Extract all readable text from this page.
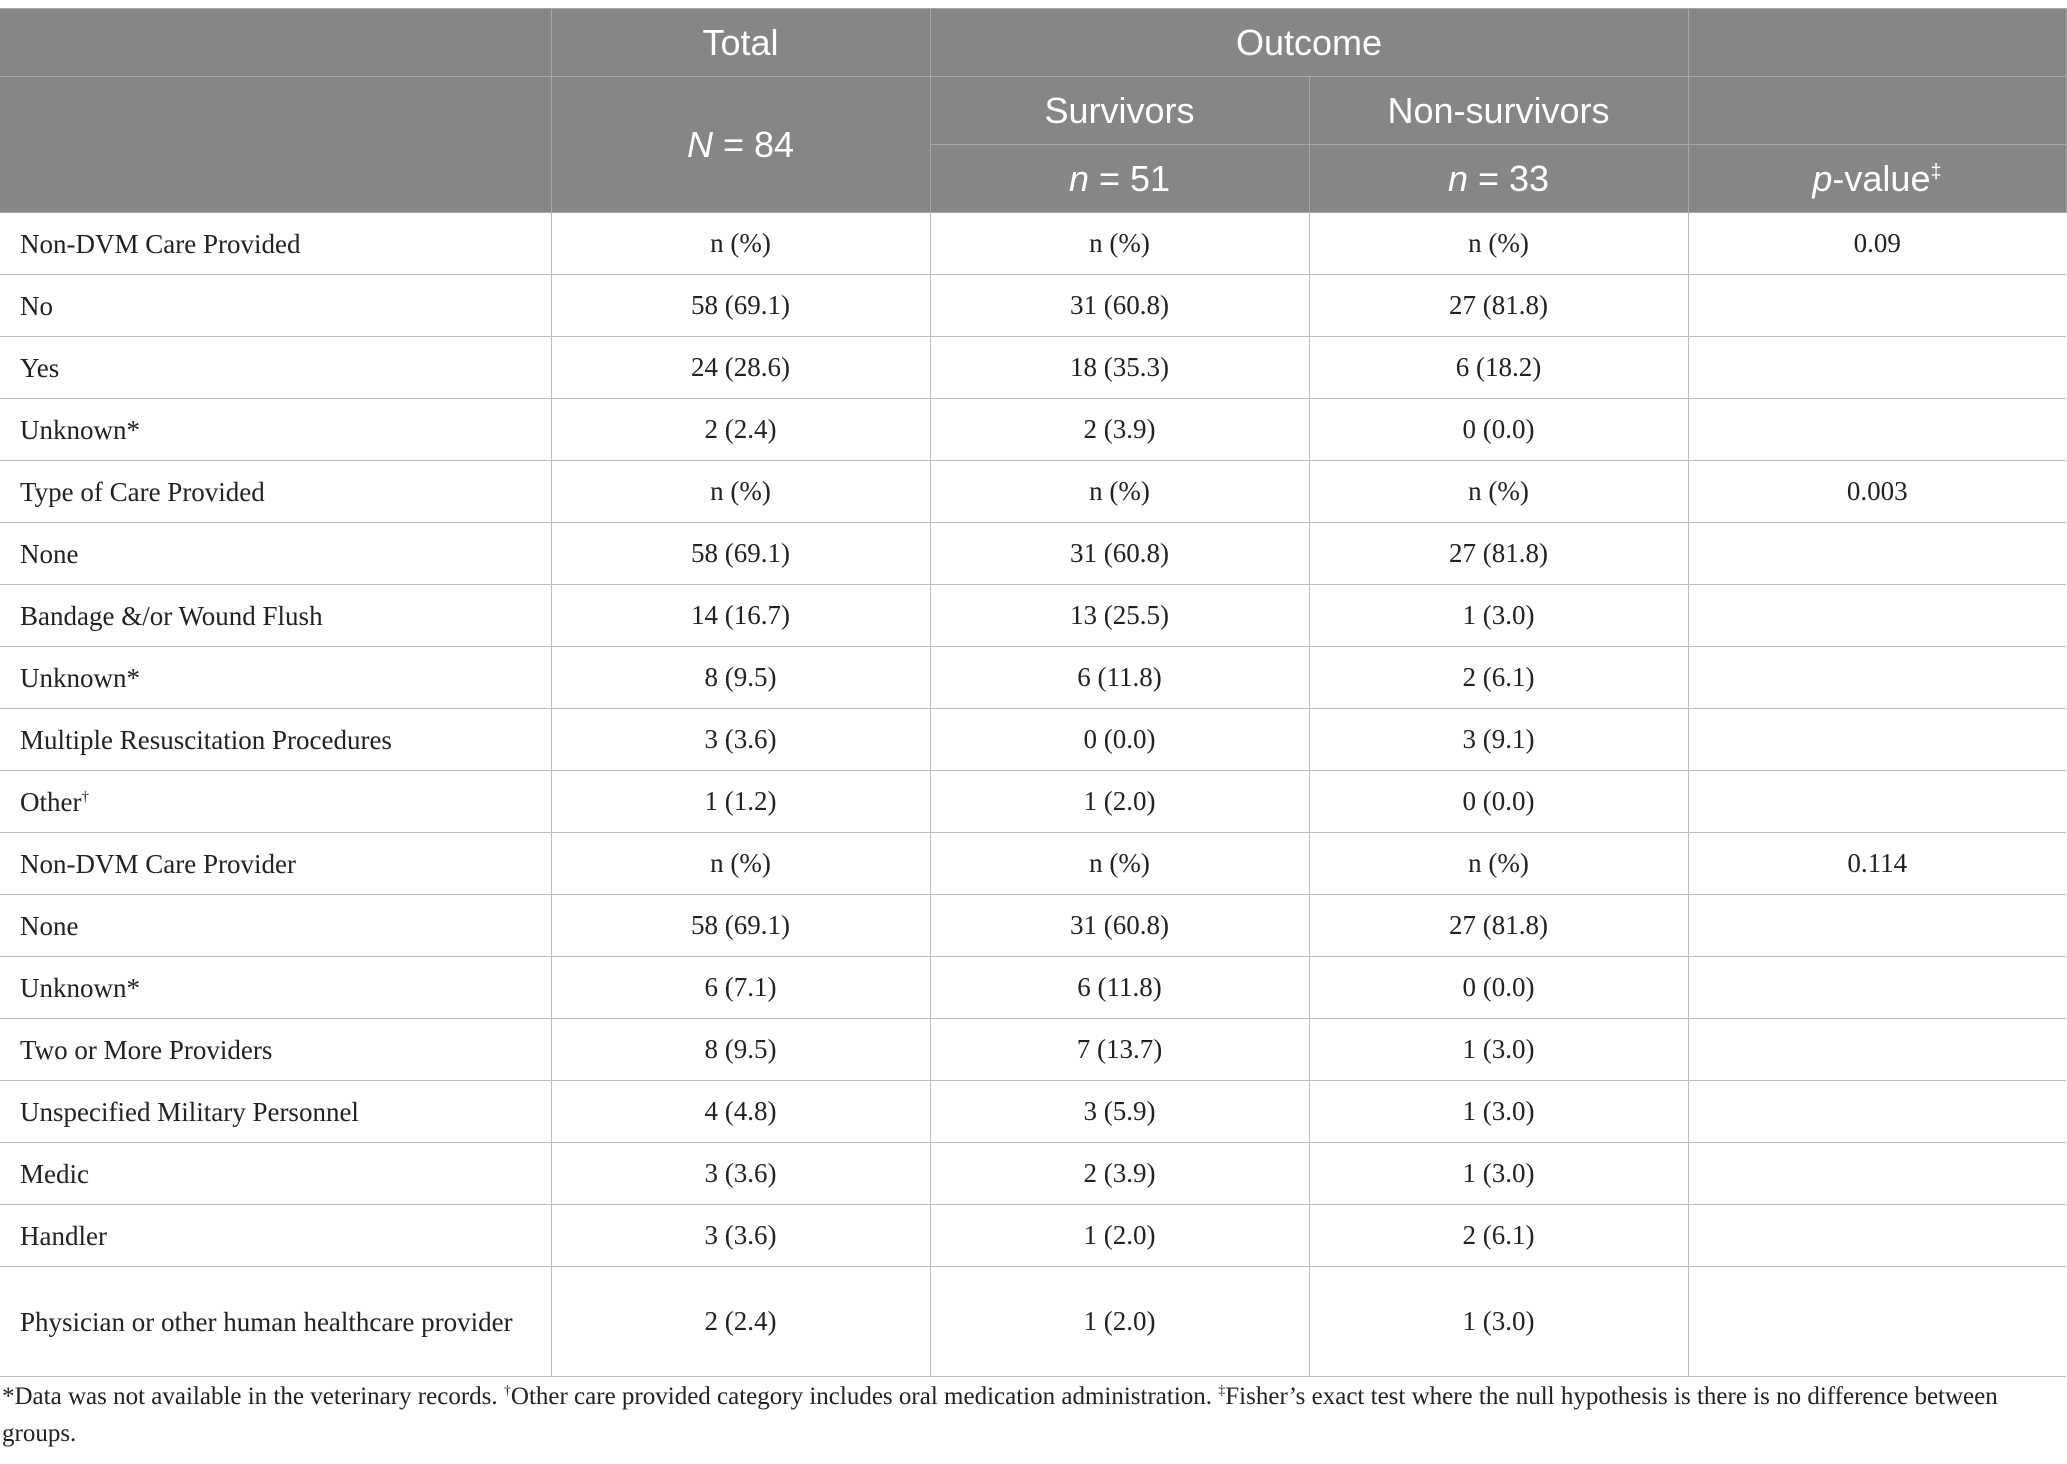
	Total	Outcome		
	N = 84	Survivors	Non-survivors	
		n = 51	n = 33	p-value‡
Non-DVM Care Provided	n (%)	n (%)	n (%)	0.09
No	58 (69.1)	31 (60.8)	27 (81.8)	
Yes	24 (28.6)	18 (35.3)	6 (18.2)	
Unknown*	2 (2.4)	2 (3.9)	0 (0.0)	
Type of Care Provided	n (%)	n (%)	n (%)	0.003
None	58 (69.1)	31 (60.8)	27 (81.8)	
Bandage &/or Wound Flush	14 (16.7)	13 (25.5)	1 (3.0)	
Unknown*	8 (9.5)	6 (11.8)	2 (6.1)	
Multiple Resuscitation Procedures	3 (3.6)	0 (0.0)	3 (9.1)	
Other†	1 (1.2)	1 (2.0)	0 (0.0)	
Non-DVM Care Provider	n (%)	n (%)	n (%)	0.114
None	58 (69.1)	31 (60.8)	27 (81.8)	
Unknown*	6 (7.1)	6 (11.8)	0 (0.0)	
Two or More Providers	8 (9.5)	7 (13.7)	1 (3.0)	
Unspecified Military Personnel	4 (4.8)	3 (5.9)	1 (3.0)	
Medic	3 (3.6)	2 (3.9)	1 (3.0)	
Handler	3 (3.6)	1 (2.0)	2 (6.1)	
Physician or other human healthcare provider	2 (2.4)	1 (2.0)	1 (3.0)	

*Data was not available in the veterinary records. †Other care provided category includes oral medication administration. ‡Fisher’s exact test where the null hypothesis is there is no difference between groups.
